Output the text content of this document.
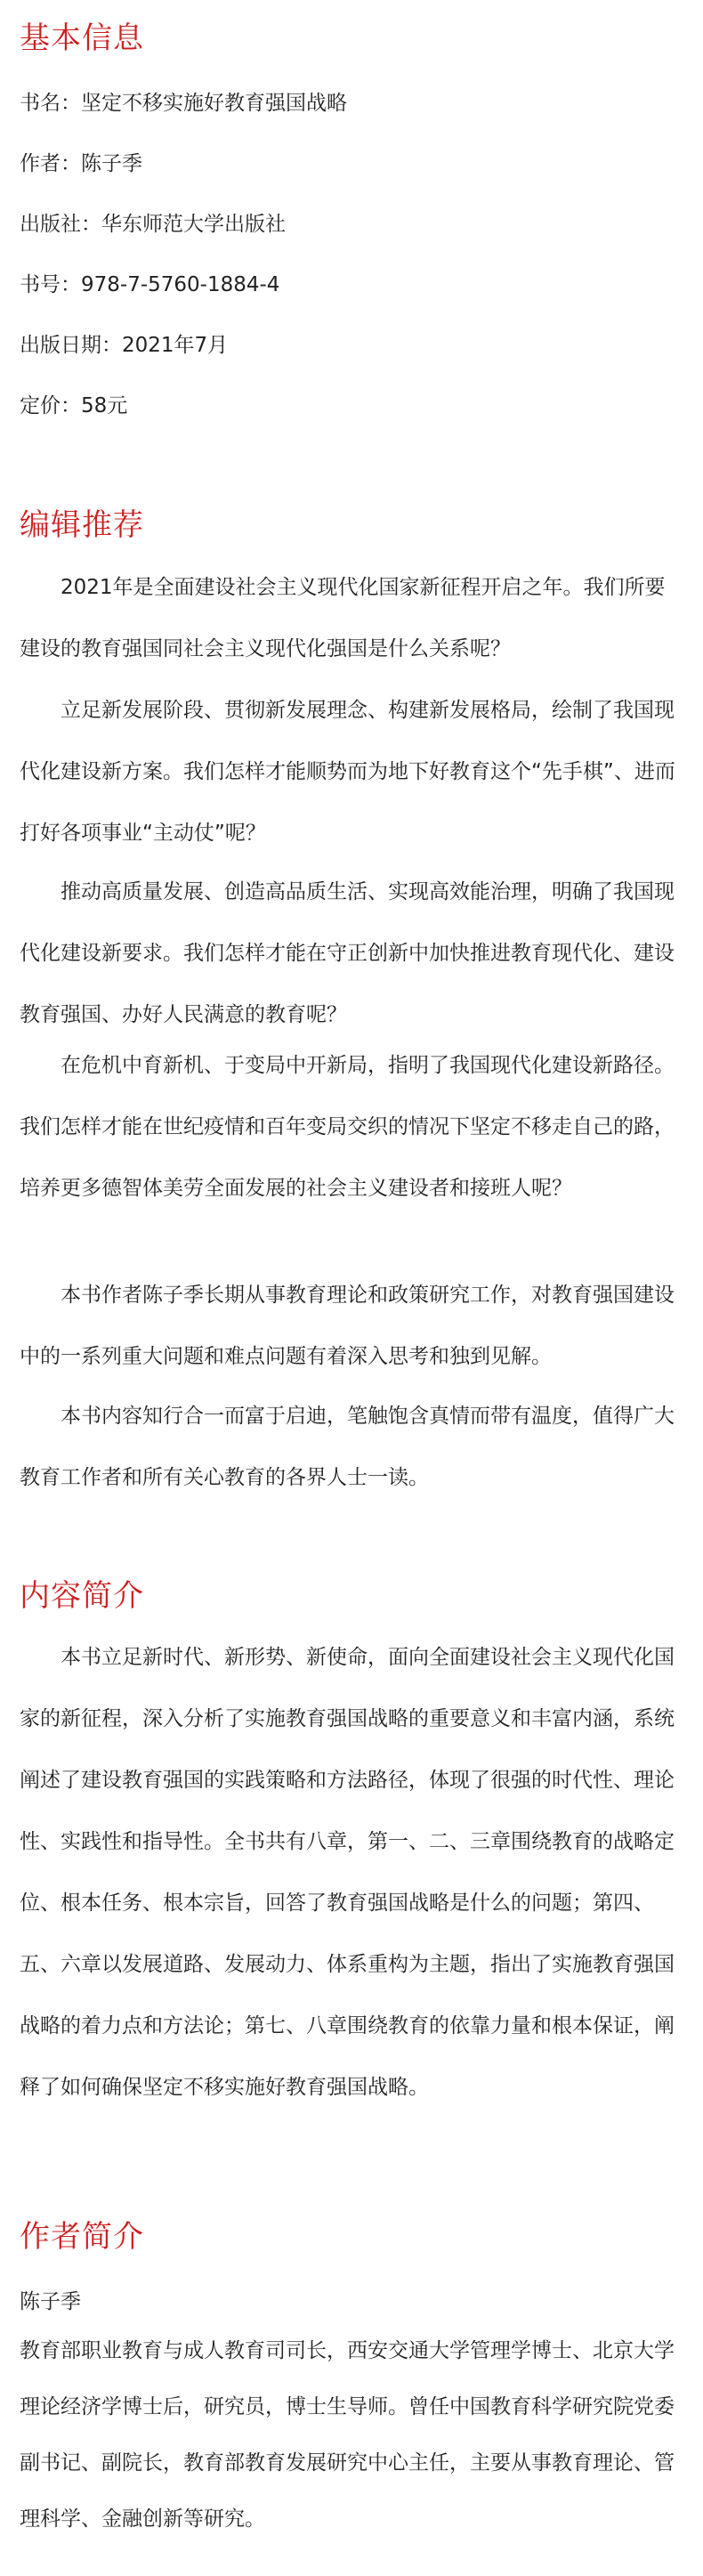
基本信息

书名：坚定不移实施好教育强国战略

作者：陈子季

出版社：华东师范大学出版社

书号：978-7-5760-1884-4

出版日期：2021年7月

定价：58元

编辑推荐

2021年是全面建设社会主义现代化国家新征程开启之年。我们所要建设的教育强国同社会主义现代化强国是什么关系呢？

立足新发展阶段、贯彻新发展理念、构建新发展格局，绘制了我国现代化建设新方案。我们怎样才能顺势而为地下好教育这个“先手棋”、进而打好各项事业“主动仗”呢？

推动高质量发展、创造高品质生活、实现高效能治理，明确了我国现代化建设新要求。我们怎样才能在守正创新中加快推进教育现代化、建设教育强国、办好人民满意的教育呢？

在危机中育新机、于变局中开新局，指明了我国现代化建设新路径。我们怎样才能在世纪疫情和百年变局交织的情况下坚定不移走自己的路，培养更多德智体美劳全面发展的社会主义建设者和接班人呢？

本书作者陈子季长期从事教育理论和政策研究工作，对教育强国建设中的一系列重大问题和难点问题有着深入思考和独到见解。

本书内容知行合一而富于启迪，笔触饱含真情而带有温度，值得广大教育工作者和所有关心教育的各界人士一读。

内容简介

本书立足新时代、新形势、新使命，面向全面建设社会主义现代化国家的新征程，深入分析了实施教育强国战略的重要意义和丰富内涵，系统阐述了建设教育强国的实践策略和方法路径，体现了很强的时代性、理论性、实践性和指导性。全书共有八章，第一、二、三章围绕教育的战略定位、根本任务、根本宗旨，回答了教育强国战略是什么的问题；第四、五、六章以发展道路、发展动力、体系重构为主题，指出了实施教育强国战略的着力点和方法论；第七、八章围绕教育的依靠力量和根本保证，阐释了如何确保坚定不移实施好教育强国战略。

作者简介

陈子季

教育部职业教育与成人教育司司长，西安交通大学管理学博士、北京大学理论经济学博士后，研究员，博士生导师。曾任中国教育科学研究院党委副书记、副院长，教育部教育发展研究中心主任，主要从事教育理论、管理科学、金融创新等研究。
